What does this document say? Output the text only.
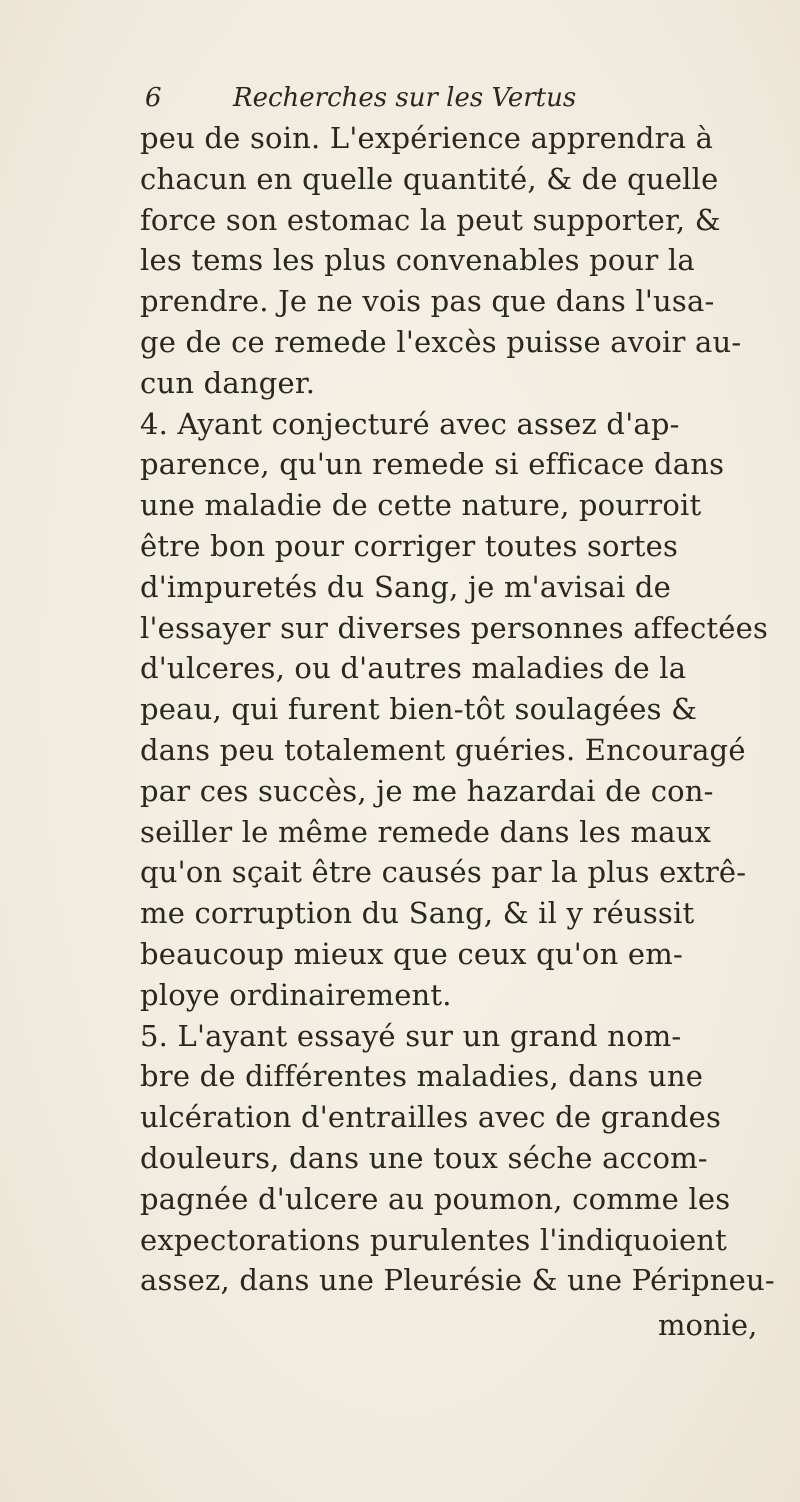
6	Recherches sur les Vertus
peu de soin. L'expérience apprendra à
chacun en quelle quantité, & de quelle
force son estomac la peut supporter, &
les tems les plus convenables pour la
prendre. Je ne vois pas que dans l'usa-
ge de ce remede l'excès puisse avoir au-
cun danger.
4. Ayant conjecturé avec assez d'ap-
parence, qu'un remede si efficace dans
une maladie de cette nature, pourroit
être bon pour corriger toutes sortes
d'impuretés du Sang, je m'avisai de
l'essayer sur diverses personnes affectées
d'ulceres, ou d'autres maladies de la
peau, qui furent bien-tôt soulagées &
dans peu totalement guéries. Encouragé
par ces succès, je me hazardai de con-
seiller le même remede dans les maux
qu'on sçait être causés par la plus extrê-
me corruption du Sang, & il y réussit
beaucoup mieux que ceux qu'on em-
ploye ordinairement.
5. L'ayant essayé sur un grand nom-
bre de différentes maladies, dans une
ulcération d'entrailles avec de grandes
douleurs, dans une toux séche accom-
pagnée d'ulcere au poumon, comme les
expectorations purulentes l'indiquoient
assez, dans une Pleurésie & une Péripneu-
monie,
